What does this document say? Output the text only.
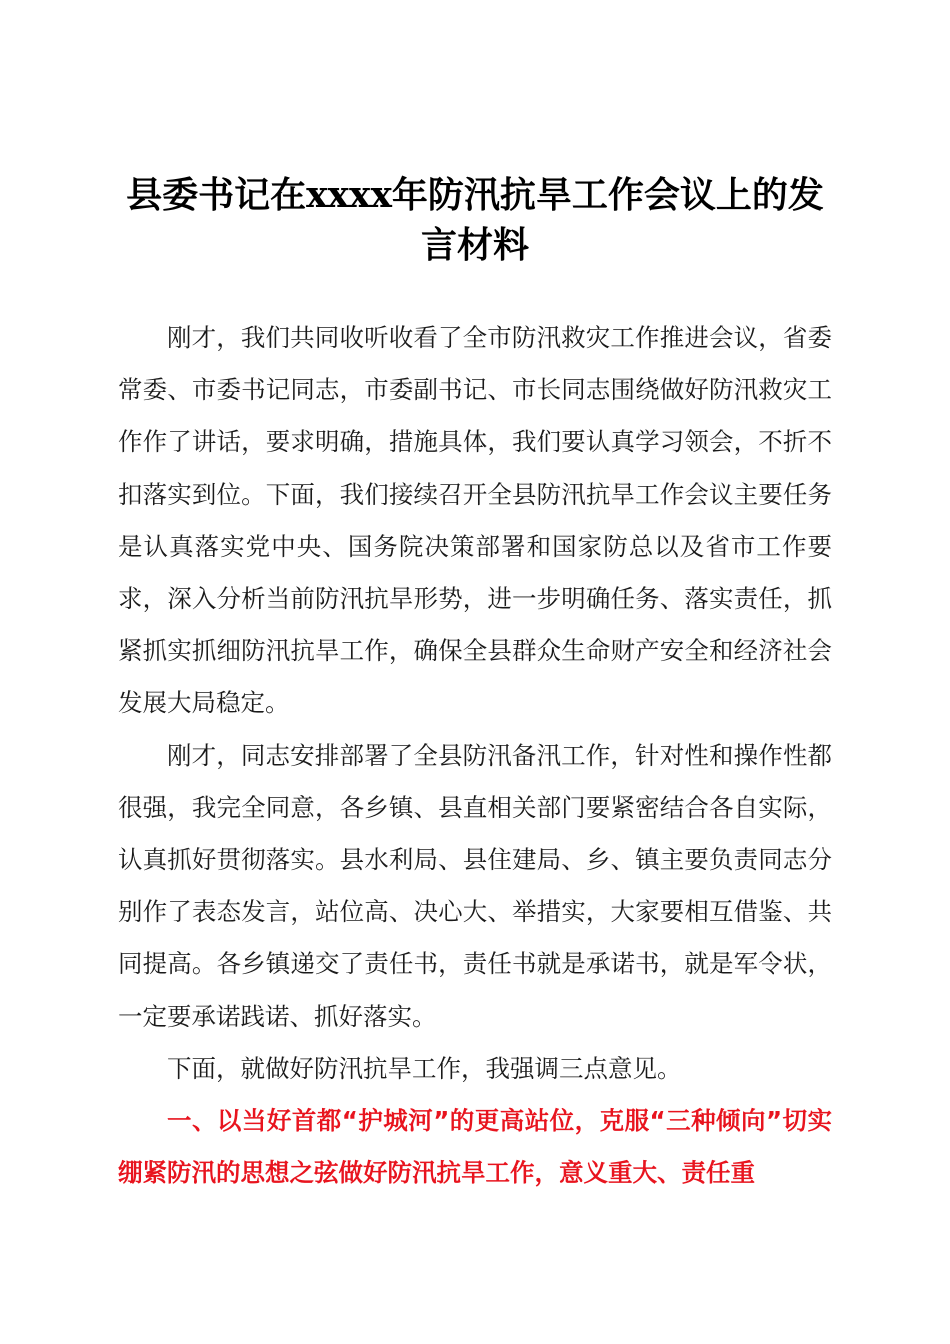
县委书记在xxxx年防汛抗旱工作会议上的发言材料

刚才，我们共同收听收看了全市防汛救灾工作推进会议，省委常委、市委书记同志，市委副书记、市长同志围绕做好防汛救灾工作作了讲话，要求明确，措施具体，我们要认真学习领会，不折不扣落实到位。下面，我们接续召开全县防汛抗旱工作会议主要任务是认真落实党中央、国务院决策部署和国家防总以及省市工作要求，深入分析当前防汛抗旱形势，进一步明确任务、落实责任，抓紧抓实抓细防汛抗旱工作，确保全县群众生命财产安全和经济社会发展大局稳定。

刚才，同志安排部署了全县防汛备汛工作，针对性和操作性都很强，我完全同意，各乡镇、县直相关部门要紧密结合各自实际，认真抓好贯彻落实。县水利局、县住建局、乡、镇主要负责同志分别作了表态发言，站位高、决心大、举措实，大家要相互借鉴、共同提高。各乡镇递交了责任书，责任书就是承诺书，就是军令状，一定要承诺践诺、抓好落实。

下面，就做好防汛抗旱工作，我强调三点意见。

一、以当好首都“护城河”的更高站位，克服“三种倾向”切实绷紧防汛的思想之弦做好防汛抗旱工作，意义重大、责任重
